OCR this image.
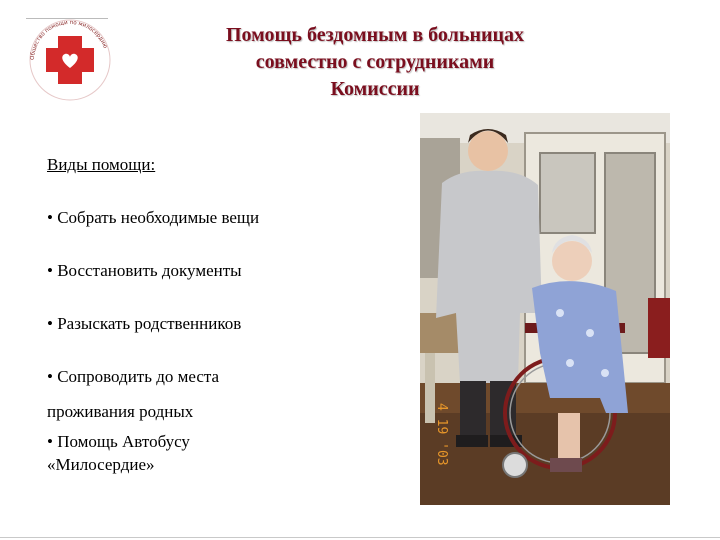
Общество помощи по милосердию	Помощь бездомным в больницах
совместно с сотрудниками
Комиссии
Виды помощи:
• Собрать необходимые вещи
• Восстановить документы
• Разыскать родственников
• Сопроводить до места
проживания родных
• Помощь Автобусу
«Милосердие»	4 19 '03
